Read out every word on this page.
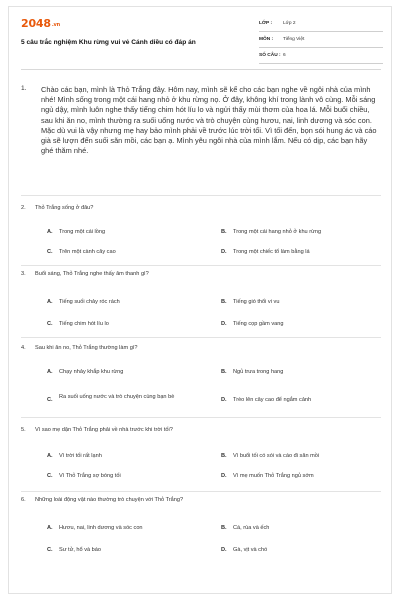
2048.vn
5 câu trắc nghiệm Khu rừng vui vẻ Cánh diều có đáp án
LỚP : Lớp 2
MÔN : Tiếng Việt
SỐ CÂU : 6
1. Chào các bạn, mình là Thỏ Trắng đây. Hôm nay, mình sẽ kể cho các bạn nghe về ngôi nhà của mình nhé! Mình sống trong một cái hang nhỏ ở khu rừng nọ. Ở đây, không khí trong lành vô cùng. Mỗi sáng ngủ dậy, mình luôn nghe thấy tiếng chim hót líu lo và ngửi thấy mùi thơm của hoa lá. Mỗi buổi chiều, sau khi ăn no, mình thường ra suối uống nước và trò chuyện cùng hươu, nai, linh dương và sóc con. Mặc dù vui là vậy nhưng mẹ hay bảo mình phải về trước lúc trời tối. Vì tối đến, bọn sói hung ác và cáo già sẽ lượn đến suối săn mồi, các bạn ạ. Mình yêu ngôi nhà của mình lắm. Nếu có dịp, các bạn hãy ghé thăm nhé.
2. Thỏ Trắng sống ở đâu?
A. Trong một cái lồng	B. Trong một cái hang nhỏ ở khu rừng
C. Trên một cành cây cao	D. Trong một chiếc tổ làm bằng lá
3. Buổi sáng, Thỏ Trắng nghe thấy âm thanh gì?
A. Tiếng suối chảy róc rách	B. Tiếng gió thổi vi vu
C. Tiếng chim hót líu lo	D. Tiếng cọp gầm vang
4. Sau khi ăn no, Thỏ Trắng thường làm gì?
A. Chạy nhảy khắp khu rừng	B. Ngủ trưa trong hang
C. Ra suối uống nước và trò chuyện cùng bạn bè	D. Trèo lên cây cao để ngắm cảnh
5. Vì sao mẹ dặn Thỏ Trắng phải về nhà trước khi trời tối?
A. Vì trời tối rất lạnh	B. Vì buổi tối có sói và cáo đi săn mồi
C. Vì Thỏ Trắng sợ bóng tối	D. Vì mẹ muốn Thỏ Trắng ngủ sớm
6. Những loài động vật nào thường trò chuyện với Thỏ Trắng?
A. Hươu, nai, linh dương và sóc con	B. Cá, rùa và ếch
C. Sư tử, hổ và báo	D. Gà, vịt và chó
